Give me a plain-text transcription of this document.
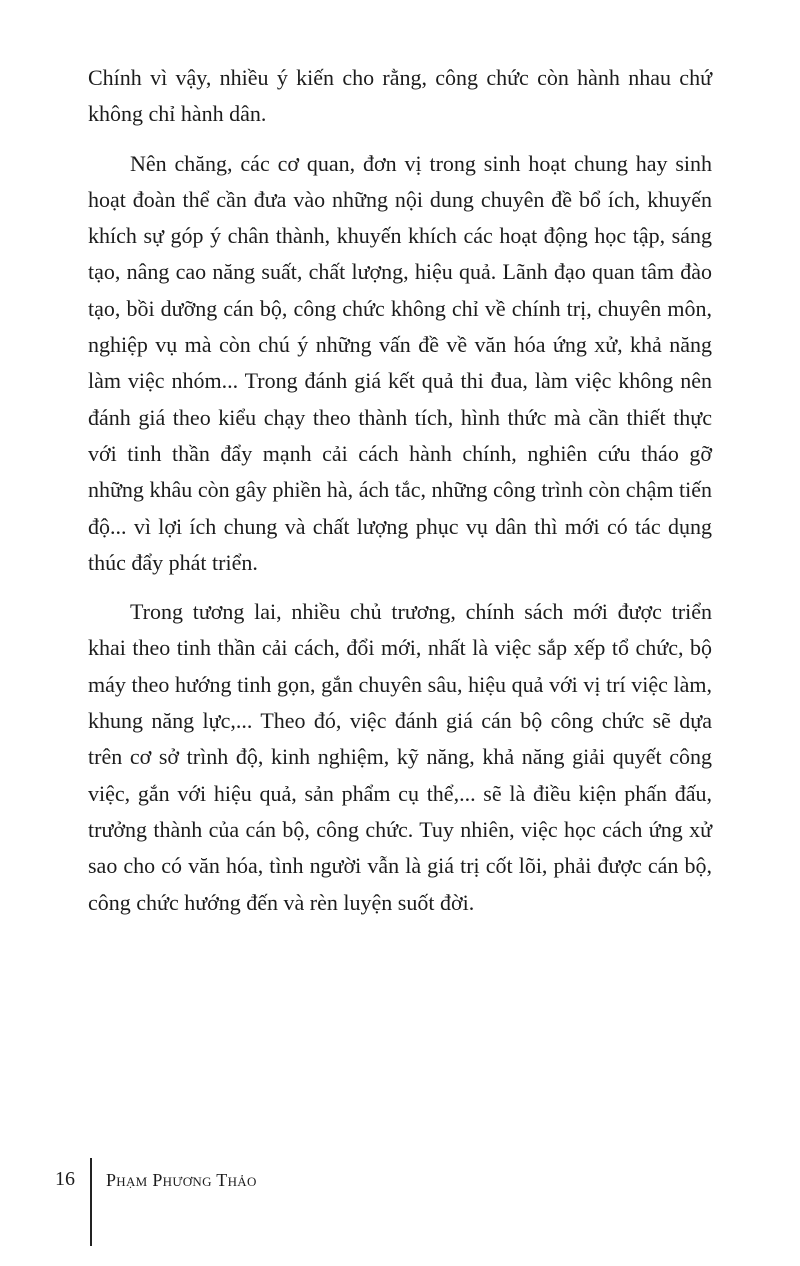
Chính vì vậy, nhiều ý kiến cho rằng, công chức còn hành nhau chứ không chỉ hành dân.

Nên chăng, các cơ quan, đơn vị trong sinh hoạt chung hay sinh hoạt đoàn thể cần đưa vào những nội dung chuyên đề bổ ích, khuyến khích sự góp ý chân thành, khuyến khích các hoạt động học tập, sáng tạo, nâng cao năng suất, chất lượng, hiệu quả. Lãnh đạo quan tâm đào tạo, bồi dưỡng cán bộ, công chức không chỉ về chính trị, chuyên môn, nghiệp vụ mà còn chú ý những vấn đề về văn hóa ứng xử, khả năng làm việc nhóm... Trong đánh giá kết quả thi đua, làm việc không nên đánh giá theo kiểu chạy theo thành tích, hình thức mà cần thiết thực với tinh thần đẩy mạnh cải cách hành chính, nghiên cứu tháo gỡ những khâu còn gây phiền hà, ách tắc, những công trình còn chậm tiến độ... vì lợi ích chung và chất lượng phục vụ dân thì mới có tác dụng thúc đẩy phát triển.

Trong tương lai, nhiều chủ trương, chính sách mới được triển khai theo tinh thần cải cách, đổi mới, nhất là việc sắp xếp tổ chức, bộ máy theo hướng tinh gọn, gắn chuyên sâu, hiệu quả với vị trí việc làm, khung năng lực,... Theo đó, việc đánh giá cán bộ công chức sẽ dựa trên cơ sở trình độ, kinh nghiệm, kỹ năng, khả năng giải quyết công việc, gắn với hiệu quả, sản phẩm cụ thể,... sẽ là điều kiện phấn đấu, trưởng thành của cán bộ, công chức. Tuy nhiên, việc học cách ứng xử sao cho có văn hóa, tình người vẫn là giá trị cốt lõi, phải được cán bộ, công chức hướng đến và rèn luyện suốt đời.

16 Phạm Phương Thảo
